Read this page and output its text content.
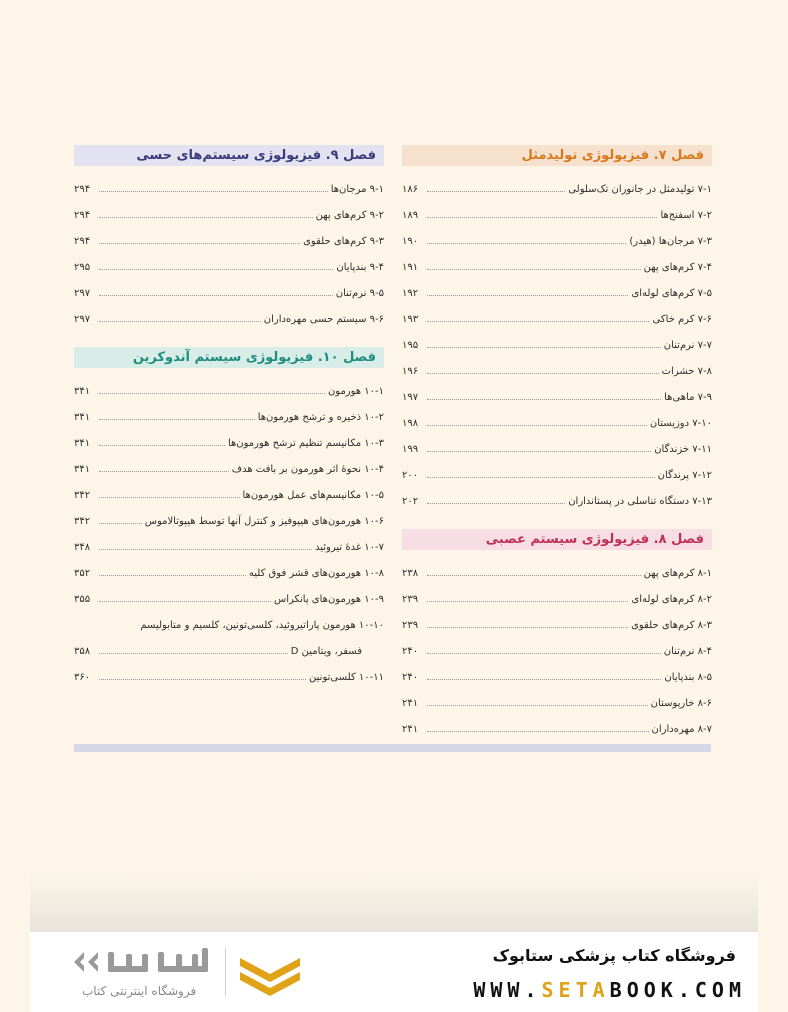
فصل ۷. فیزیولوژی تولیدمثل
۷-۱ تولیدمثل در جانوران تک‌سلولی
۱۸۶
۷-۲ اسفنج‌ها
۱۸۹
۷-۳ مرجان‌ها (هیدر)
۱۹۰
۷-۴ کرم‌های پهن
۱۹۱
۷-۵ کرم‌های لوله‌ای
۱۹۲
۷-۶ کرم خاکی
۱۹۳
۷-۷ نرم‌تنان
۱۹۵
۷-۸ حشرات
۱۹۶
۷-۹ ماهی‌ها
۱۹۷
۷-۱۰ دوزیستان
۱۹۸
۷-۱۱ خزندگان
۱۹۹
۷-۱۲ پرندگان
۲۰۰
۷-۱۳ دستگاه تناسلی در پستانداران
۲۰۲
فصل ۸. فیزیولوژی سیستم عصبی
۸-۱ کرم‌های پهن
۲۳۸
۸-۲ کرم‌های لوله‌ای
۲۳۹
۸-۳ کرم‌های حلقوی
۲۳۹
۸-۴ نرم‌تنان
۲۴۰
۸-۵ بندپایان
۲۴۰
۸-۶ خارپوستان
۲۴۱
۸-۷ مهره‌داران
۲۴۱
فصل ۹. فیزیولوژی سیستم‌های حسی
۹-۱ مرجان‌ها
۲۹۴
۹-۲ کرم‌های پهن
۲۹۴
۹-۳ کرم‌های حلقوی
۲۹۴
۹-۴ بندپایان
۲۹۵
۹-۵ نرم‌تنان
۲۹۷
۹-۶ سیستم حسی مهره‌داران
۲۹۷
فصل ۱۰. فیزیولوژی سیستم آندوکرین
۱۰-۱ هورمون
۳۴۱
۱۰-۲ ذخیره و ترشح هورمون‌ها
۳۴۱
۱۰-۳ مکانیسم تنظیم ترشح هورمون‌ها
۳۴۱
۱۰-۴ نحوهٔ اثر هورمون بر بافت هدف
۳۴۱
۱۰-۵ مکانیسم‌های عمل هورمون‌ها
۳۴۲
۱۰-۶ هورمون‌های هیپوفیز و کنترل آنها توسط هیپوتالاموس
۳۴۲
۱۰-۷ غدهٔ تیروئید
۳۴۸
۱۰-۸ هورمون‌های قشر فوق کلیه
۳۵۲
۱۰-۹ هورمون‌های پانکراس
۳۵۵
۱۰-۱۰ هورمون پاراتیروئید، کلسی‌تونین، کلسیم و متابولیسم
فسفر، ویتامین D
۳۵۸
۱۰-۱۱ کلسی‌تونین
۳۶۰
فروشگاه کتاب پزشکی ستابوک
WWW.SETABOOK.COM
فروشگاه اینترنتی کتاب
